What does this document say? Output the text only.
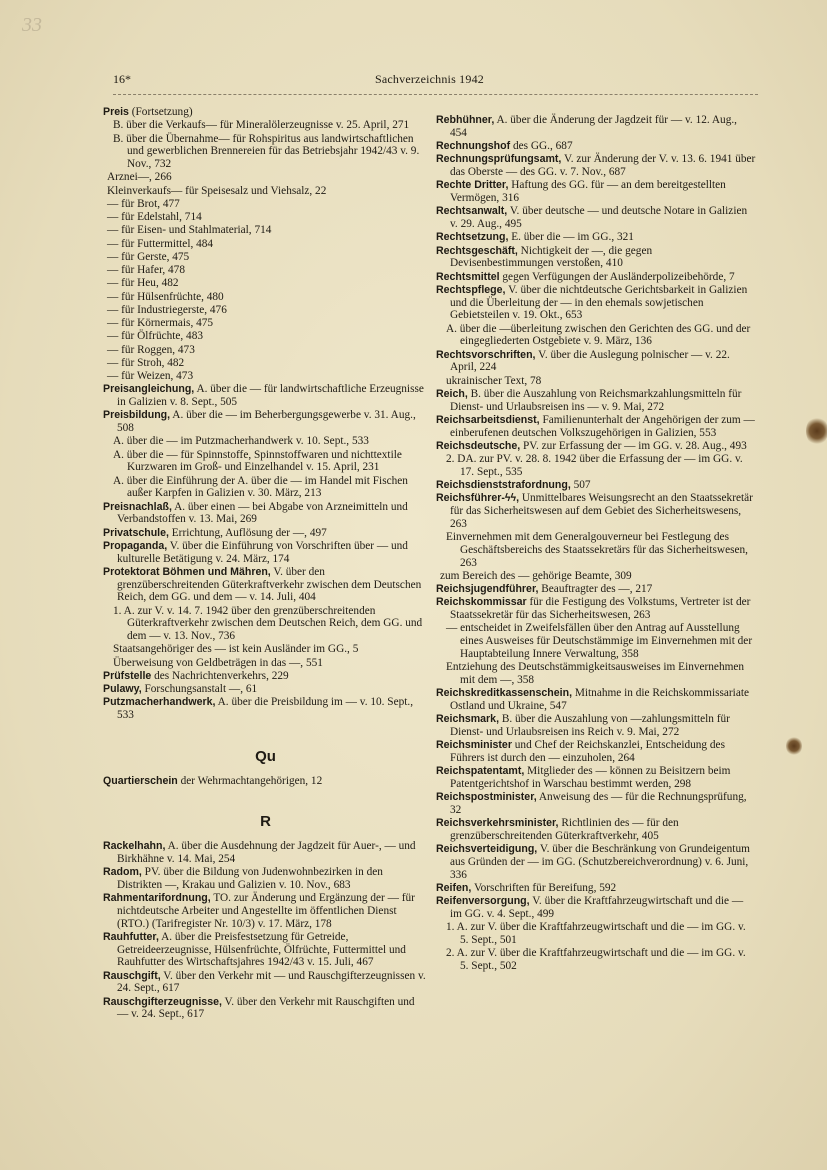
33
16*	Sachverzeichnis 1942
Preis (Fortsetzung)
B. über die Verkaufs— für Mineralölerzeugnisse v. 25. April, 271
B. über die Übernahme— für Rohspiritus aus landwirtschaftlichen und gewerblichen Brennereien für das Betriebsjahr 1942/43 v. 9. Nov., 732
Arznei—, 266
Kleinverkaufs— für Speisesalz und Viehsalz, 22
— für Brot, 477
— für Edelstahl, 714
— für Eisen- und Stahlmaterial, 714
— für Futtermittel, 484
— für Gerste, 475
— für Hafer, 478
— für Heu, 482
— für Hülsenfrüchte, 480
— für Industriegerste, 476
— für Körnermais, 475
— für Ölfrüchte, 483
— für Roggen, 473
— für Stroh, 482
— für Weizen, 473
Preisangleichung, A. über die — für landwirtschaftliche Erzeugnisse in Galizien v. 8. Sept., 505
Preisbildung, A. über die — im Beherbergungsgewerbe v. 31. Aug., 508
A. über die — im Putzmacherhandwerk v. 10. Sept., 533
A. über die — für Spinnstoffe, Spinnstoffwaren und nichttextile Kurzwaren im Groß- und Einzelhandel v. 15. April, 231
A. über die Einführung der A. über die — im Handel mit Fischen außer Karpfen in Galizien v. 30. März, 213
Preisnachlaß, A. über einen — bei Abgabe von Arzneimitteln und Verbandstoffen v. 13. Mai, 269
Privatschule, Errichtung, Auflösung der —, 497
Propaganda, V. über die Einführung von Vorschriften über — und kulturelle Betätigung v. 24. März, 174
Protektorat Böhmen und Mähren, V. über den grenzüberschreitenden Güterkraftverkehr zwischen dem Deutschen Reich, dem GG. und dem — v. 14. Juli, 404
1. A. zur V. v. 14. 7. 1942 über den grenzüberschreitenden Güterkraftverkehr zwischen dem Deutschen Reich, dem GG. und dem — v. 13. Nov., 736
Staatsangehöriger des — ist kein Ausländer im GG., 5
Überweisung von Geldbeträgen in das —, 551
Prüfstelle des Nachrichtenverkehrs, 229
Pulawy, Forschungsanstalt —, 61
Putzmacherhandwerk, A. über die Preisbildung im — v. 10. Sept., 533
Qu
Quartierschein der Wehrmachtangehörigen, 12
R
Rackelhahn, A. über die Ausdehnung der Jagdzeit für Auer-, — und Birkhähne v. 14. Mai, 254
Radom, PV. über die Bildung von Judenwohnbezirken in den Distrikten —, Krakau und Galizien v. 10. Nov., 683
Rahmentarifordnung, TO. zur Änderung und Ergänzung der — für nichtdeutsche Arbeiter und Angestellte im öffentlichen Dienst (RTO.) (Tarifregister Nr. 10/3) v. 17. März, 178
Rauhfutter, A. über die Preisfestsetzung für Getreide, Getreideerzeugnisse, Hülsenfrüchte, Ölfrüchte, Futtermittel und Rauhfutter des Wirtschaftsjahres 1942/43 v. 15. Juli, 467
Rauschgift, V. über den Verkehr mit — und Rauschgifterzeugnissen v. 24. Sept., 617
Rauschgifterzeugnisse, V. über den Verkehr mit Rauschgiften und — v. 24. Sept., 617
Rebhühner, A. über die Änderung der Jagdzeit für — v. 12. Aug., 454
Rechnungshof des GG., 687
Rechnungsprüfungsamt, V. zur Änderung der V. v. 13. 6. 1941 über das Oberste — des GG. v. 7. Nov., 687
Rechte Dritter, Haftung des GG. für — an dem bereitgestellten Vermögen, 316
Rechtsanwalt, V. über deutsche — und deutsche Notare in Galizien v. 29. Aug., 495
Rechtsetzung, E. über die — im GG., 321
Rechtsgeschäft, Nichtigkeit der —, die gegen Devisenbestimmungen verstoßen, 410
Rechtsmittel gegen Verfügungen der Ausländerpolizeibehörde, 7
Rechtspflege, V. über die nichtdeutsche Gerichtsbarkeit in Galizien und die Überleitung der — in den ehemals sowjetischen Gebietsteilen v. 19. Okt., 653
A. über die —überleitung zwischen den Gerichten des GG. und der eingegliederten Ostgebiete v. 9. März, 136
Rechtsvorschriften, V. über die Auslegung polnischer — v. 22. April, 224
ukrainischer Text, 78
Reich, B. über die Auszahlung von Reichsmarkzahlungsmitteln für Dienst- und Urlaubsreisen ins — v. 9. Mai, 272
Reichsarbeitsdienst, Familienunterhalt der Angehörigen der zum — einberufenen deutschen Volkszugehörigen in Galizien, 553
Reichsdeutsche, PV. zur Erfassung der — im GG. v. 28. Aug., 493
2. DA. zur PV. v. 28. 8. 1942 über die Erfassung der — im GG. v. 17. Sept., 535
Reichsdienststrafordnung, 507
Reichsführer-ϟϟ, Unmittelbares Weisungsrecht an den Staatssekretär für das Sicherheitswesen auf dem Gebiet des Sicherheitswesens, 263
Einvernehmen mit dem Generalgouverneur bei Festlegung des Geschäftsbereichs des Staatssekretärs für das Sicherheitswesen, 263
zum Bereich des — gehörige Beamte, 309
Reichsjugendführer, Beauftragter des —, 217
Reichskommissar für die Festigung des Volkstums, Vertreter ist der Staatssekretär für das Sicherheitswesen, 263
— entscheidet in Zweifelsfällen über den Antrag auf Ausstellung eines Ausweises für Deutschstämmige im Einvernehmen mit der Hauptabteilung Innere Verwaltung, 358
Entziehung des Deutschstämmigkeitsausweises im Einvernehmen mit dem —, 358
Reichskreditkassenschein, Mitnahme in die Reichskommissariate Ostland und Ukraine, 547
Reichsmark, B. über die Auszahlung von —zahlungsmitteln für Dienst- und Urlaubsreisen ins Reich v. 9. Mai, 272
Reichsminister und Chef der Reichskanzlei, Entscheidung des Führers ist durch den — einzuholen, 264
Reichspatentamt, Mitglieder des — können zu Beisitzern beim Patentgerichtshof in Warschau bestimmt werden, 298
Reichspostminister, Anweisung des — für die Rechnungsprüfung, 32
Reichsverkehrsminister, Richtlinien des — für den grenzüberschreitenden Güterkraftverkehr, 405
Reichsverteidigung, V. über die Beschränkung von Grundeigentum aus Gründen der — im GG. (Schutzbereichverordnung) v. 6. Juni, 336
Reifen, Vorschriften für Bereifung, 592
Reifenversorgung, V. über die Kraftfahrzeugwirtschaft und die — im GG. v. 4. Sept., 499
1. A. zur V. über die Kraftfahrzeugwirtschaft und die — im GG. v. 5. Sept., 501
2. A. zur V. über die Kraftfahrzeugwirtschaft und die — im GG. v. 5. Sept., 502
